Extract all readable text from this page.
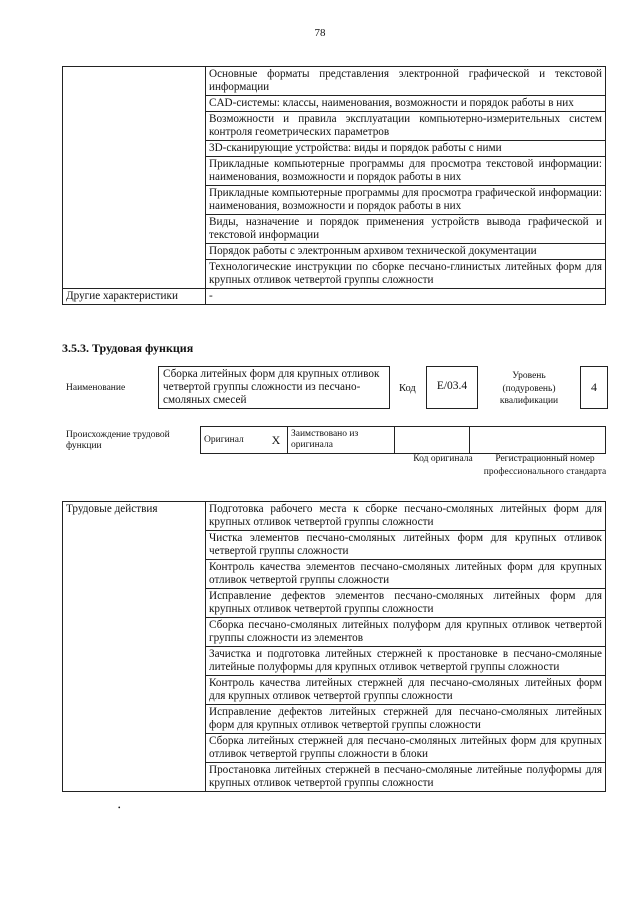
78
	Основные форматы представления электронной графической и текстовой информации
	CAD-системы: классы, наименования, возможности и порядок работы в них
	Возможности и правила эксплуатации компьютерно-измерительных систем контроля геометрических параметров
	3D-сканирующие устройства: виды и порядок работы с ними
	Прикладные компьютерные программы для просмотра текстовой информации: наименования, возможности и порядок работы в них
	Прикладные компьютерные программы для просмотра графической информации: наименования, возможности и порядок работы в них
	Виды, назначение и порядок применения устройств вывода графической и текстовой информации
	Порядок работы с электронным архивом технической документации
	Технологические инструкции по сборке песчано-глинистых литейных форм для крупных отливок четвертой группы сложности
Другие характеристики	-
3.5.3. Трудовая функция
Наименование
Сборка литейных форм для крупных отливок четвертой группы сложности из песчано-смоляных смесей
Код	E/03.4
Уровень (подуровень) квалификации
4
Происхождение трудовой функции
Оригинал	X	Заимствовано из оригинала		
Код оригинала	Регистрационный номер профессионального стандарта
Трудовые действия
•
	Подготовка рабочего места к сборке песчано-смоляных литейных форм для крупных отливок четвертой группы сложности
Чистка элементов песчано-смоляных литейных форм для крупных отливок четвертой группы сложности
Контроль качества элементов песчано-смоляных литейных форм для крупных отливок четвертой группы сложности
Исправление дефектов элементов песчано-смоляных литейных форм для крупных отливок четвертой группы сложности
Сборка песчано-смоляных литейных полуформ для крупных отливок четвертой группы сложности из элементов
Зачистка и подготовка литейных стержней к простановке в песчано-смоляные литейные полуформы для крупных отливок четвертой группы сложности
Контроль качества литейных стержней для песчано-смоляных литейных форм для крупных отливок четвертой группы сложности
Исправление дефектов литейных стержней для песчано-смоляных литейных форм для крупных отливок четвертой группы сложности
Сборка литейных стержней для песчано-смоляных литейных форм для крупных отливок четвертой группы сложности в блоки
Простановка литейных стержней в песчано-смоляные литейные полуформы для крупных отливок четвертой группы сложности
